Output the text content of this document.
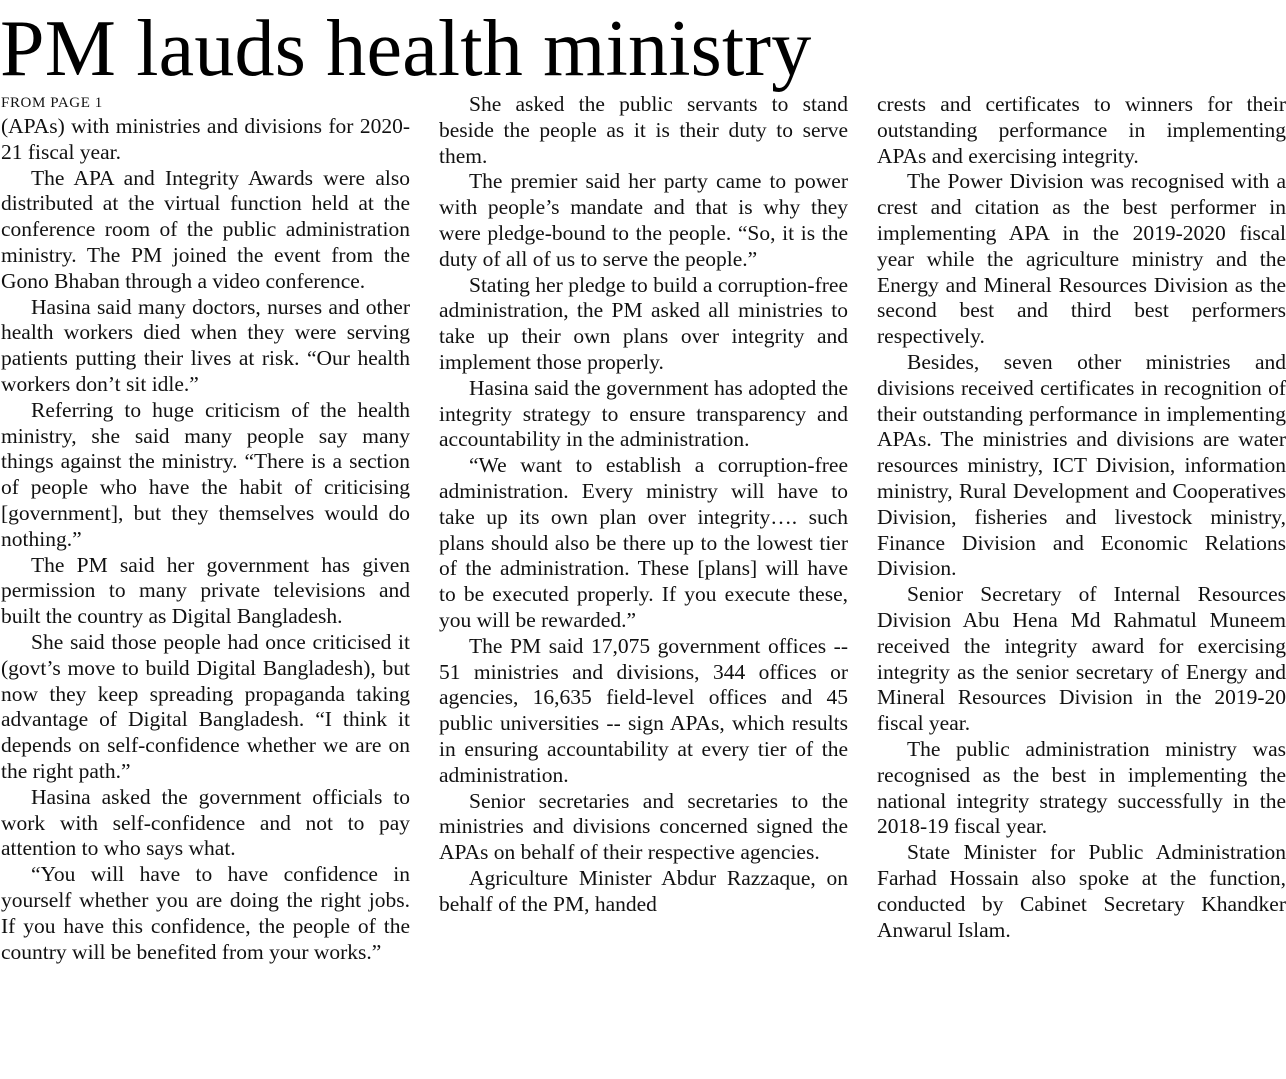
PM lauds health ministry
FROM PAGE 1

(APAs) with ministries and divisions for 2020-21 fiscal year.

The APA and Integrity Awards were also distributed at the virtual function held at the conference room of the public administration ministry. The PM joined the event from the Gono Bhaban through a video conference.

Hasina said many doctors, nurses and other health workers died when they were serving patients putting their lives at risk. “Our health workers don’t sit idle.”

Referring to huge criticism of the health ministry, she said many people say many things against the ministry. “There is a section of people who have the habit of criticising [government], but they themselves would do nothing.”

The PM said her government has given permission to many private televisions and built the country as Digital Bangladesh.

She said those people had once criticised it (govt’s move to build Digital Bangladesh), but now they keep spreading propaganda taking advantage of Digital Bangladesh. “I think it depends on self-confidence whether we are on the right path.”

Hasina asked the government officials to work with self-confidence and not to pay attention to who says what.

“You will have to have confidence in yourself whether you are doing the right jobs. If you have this confidence, the people of the country will be benefited from your works.”

She asked the public servants to stand beside the people as it is their duty to serve them.

The premier said her party came to power with people’s mandate and that is why they were pledge-bound to the people. “So, it is the duty of all of us to serve the people.”

Stating her pledge to build a corruption-free administration, the PM asked all ministries to take up their own plans over integrity and implement those properly.

Hasina said the government has adopted the integrity strategy to ensure transparency and accountability in the administration.

“We want to establish a corruption-free administration. Every ministry will have to take up its own plan over integrity…. such plans should also be there up to the lowest tier of the administration. These [plans] will have to be executed properly. If you execute these, you will be rewarded.”

The PM said 17,075 government offices -- 51 ministries and divisions, 344 offices or agencies, 16,635 field-level offices and 45 public universities -- sign APAs, which results in ensuring accountability at every tier of the administration.

Senior secretaries and secretaries to the ministries and divisions concerned signed the APAs on behalf of their respective agencies.

Agriculture Minister Abdur Razzaque, on behalf of the PM, handed

crests and certificates to winners for their outstanding performance in implementing APAs and exercising integrity.

The Power Division was recognised with a crest and citation as the best performer in implementing APA in the 2019-2020 fiscal year while the agriculture ministry and the Energy and Mineral Resources Division as the second best and third best performers respectively.

Besides, seven other ministries and divisions received certificates in recognition of their outstanding performance in implementing APAs. The ministries and divisions are water resources ministry, ICT Division, information ministry, Rural Development and Cooperatives Division, fisheries and livestock ministry, Finance Division and Economic Relations Division.

Senior Secretary of Internal Resources Division Abu Hena Md Rahmatul Muneem received the integrity award for exercising integrity as the senior secretary of Energy and Mineral Resources Division in the 2019-20 fiscal year.

The public administration ministry was recognised as the best in implementing the national integrity strategy successfully in the 2018-19 fiscal year.

State Minister for Public Administration Farhad Hossain also spoke at the function, conducted by Cabinet Secretary Khandker Anwarul Islam.
